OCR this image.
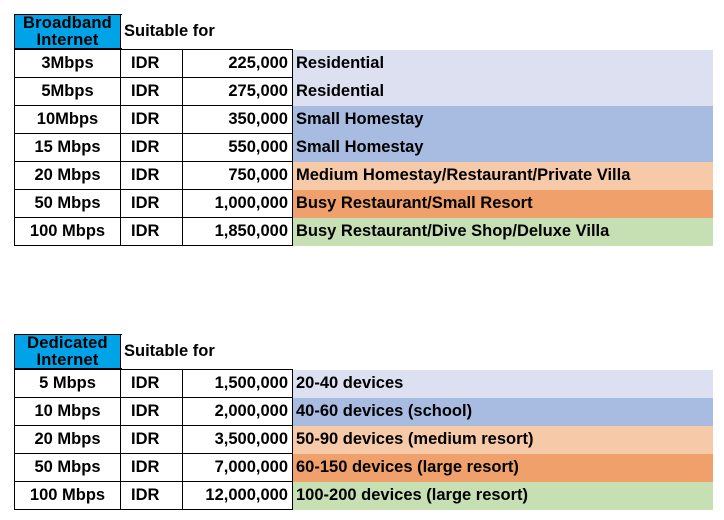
Broadband Internet	Suitable for
3Mbps	IDR	225,000	Residential
5Mbps	IDR	275,000	Residential
10Mbps	IDR	350,000	Small Homestay
15 Mbps	IDR	550,000	Small Homestay
20 Mbps	IDR	750,000	Medium Homestay/Restaurant/Private Villa
50 Mbps	IDR	1,000,000	Busy Restaurant/Small Resort
100 Mbps	IDR	1,850,000	Busy Restaurant/Dive Shop/Deluxe Villa
Dedicated Internet	Suitable for
5 Mbps	IDR	1,500,000	20-40 devices
10 Mbps	IDR	2,000,000	40-60 devices (school)
20 Mbps	IDR	3,500,000	50-90 devices (medium resort)
50 Mbps	IDR	7,000,000	60-150 devices (large resort)
100 Mbps	IDR	12,000,000	100-200 devices (large resort)
